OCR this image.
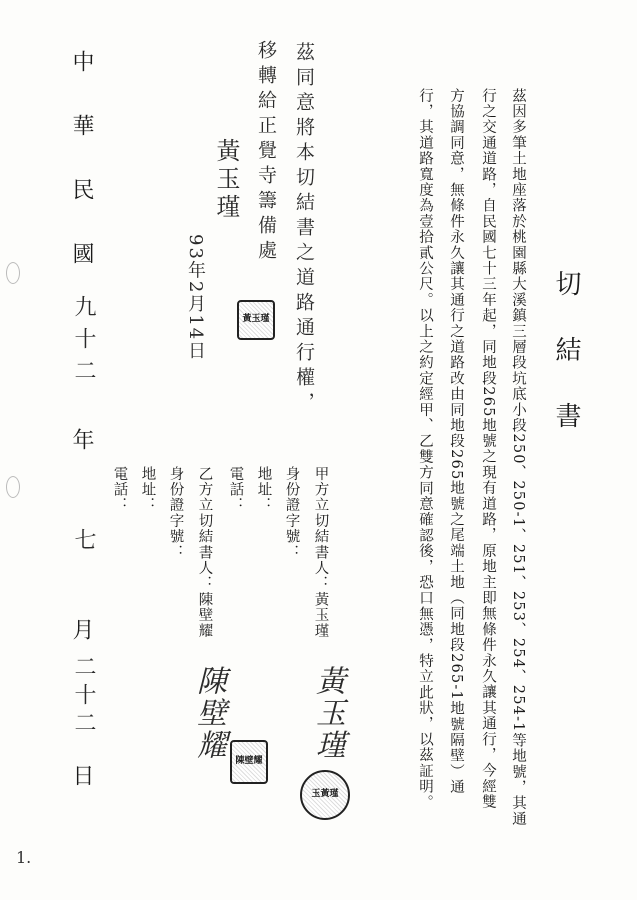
切結書
茲因多筆土地座落於桃園縣大溪鎮三層段坑底小段250、250-1、251、253、254、254-1等地號，其通
行之交通道路，自民國七十三年起，同地段265地號之現有道路，原地主即無條件永久讓其通行，今經雙
方協調同意，無條件永久讓其通行之道路改由同地段265地號之尾端土地（同地段265-1地號隔壁）通
行，其道路寬度為壹拾貳公尺。以上之約定經甲、乙雙方同意確認後，恐口無憑，特立此狀，以茲証明。
甲方立切結書人：黃玉瑾
身份證字號：
地址：
電話：
黃玉瑾
玉黃瑾
乙方立切結書人：陳壁耀
身份證字號：
地址：
電話：
陳壁耀
陳壁耀
茲同意將本切結書之道路通行權，
移轉給正覺寺籌備處
黃玉瑾
93年2月14日	黃玉瑾
中華民國
九十二
年
七
月
二十二
日
1.
